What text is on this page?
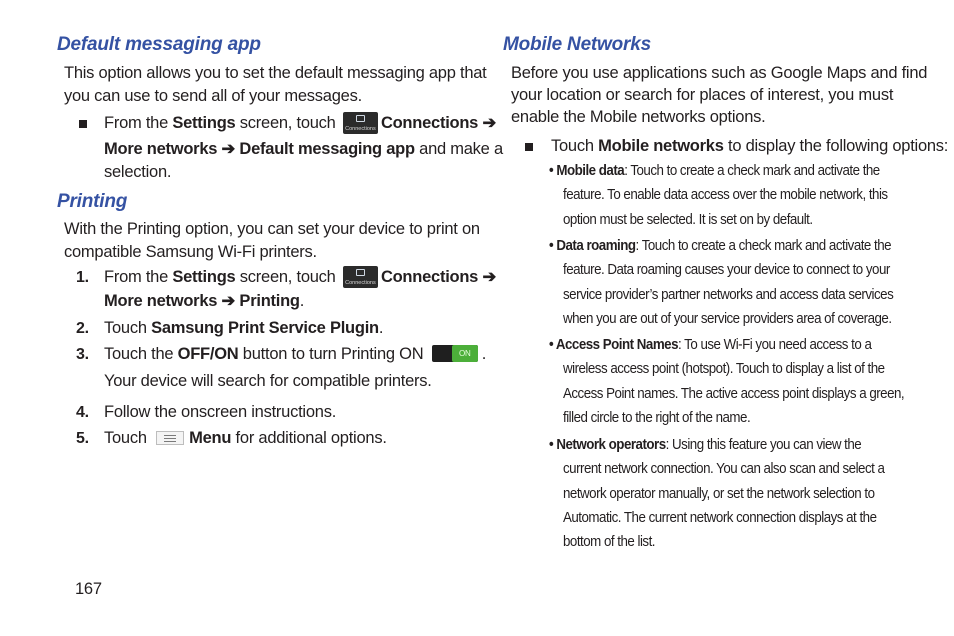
Default messaging app
This option allows you to set the default messaging app that
you can use to send all of your messages.
From the Settings screen, touch Connections Connections ➔
More networks ➔ Default messaging app and make a
selection.
Printing
With the Printing option, you can set your device to print on
compatible Samsung Wi-Fi printers.
1. From the Settings screen, touch Connections Connections ➔
More networks ➔ Printing.
2. Touch Samsung Print Service Plugin.
3. Touch the OFF/ON button to turn Printing ON	ON .
Your device will search for compatible printers.
4. Follow the onscreen instructions.
5. Touch
Menu for additional options.
167
Mobile Networks
Before you use applications such as Google Maps and find
your location or search for places of interest, you must
enable the Mobile networks options.
Touch Mobile networks to display the following options:
• Mobile data: Touch to create a check mark and activate the
feature. To enable data access over the mobile network, this
option must be selected. It is set on by default.
• Data roaming: Touch to create a check mark and activate the
feature. Data roaming causes your device to connect to your
service provider’s partner networks and access data services
when you are out of your service providers area of coverage.
• Access Point Names: To use Wi-Fi you need access to a
wireless access point (hotspot). Touch to display a list of the
Access Point names. The active access point displays a green,
filled circle to the right of the name.
• Network operators: Using this feature you can view the
current network connection. You can also scan and select a
network operator manually, or set the network selection to
Automatic. The current network connection displays at the
bottom of the list.
